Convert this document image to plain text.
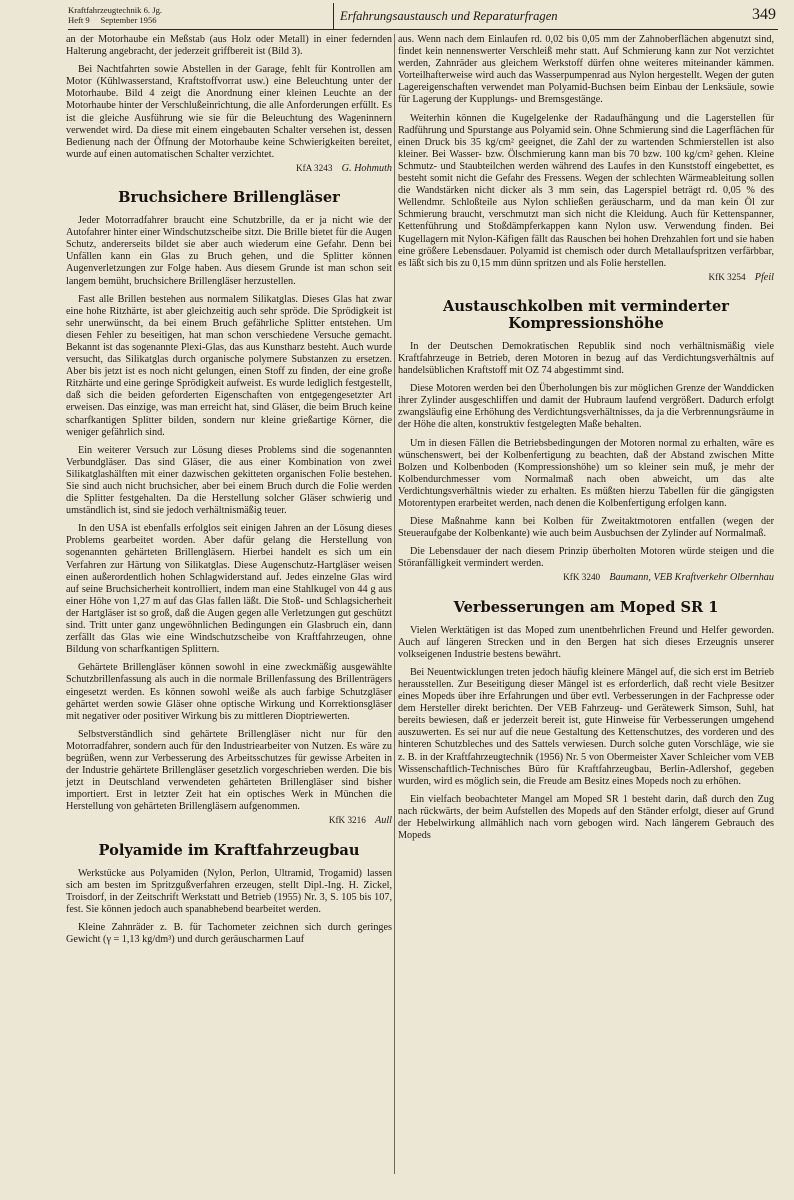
Kraftfahrzeugtechnik 6. Jg.
Heft 9     September 1956	Erfahrungsaustausch und Reparaturfragen	349

an der Motorhaube ein Meßstab (aus Holz oder Metall) in einer federnden Halterung angebracht, der jederzeit griffbereit ist (Bild 3).

Bei Nachtfahrten sowie Abstellen in der Garage, fehlt für Kontrollen am Motor (Kühlwasserstand, Kraftstoffvorrat usw.) eine Beleuchtung unter der Motorhaube. Bild 4 zeigt die Anordnung einer kleinen Leuchte an der Motorhaube hinter der Verschlußeinrichtung, die alle Anforderungen erfüllt. Es ist die gleiche Ausführung wie sie für die Beleuchtung des Wageninnern verwendet wird. Da diese mit einem eingebauten Schalter versehen ist, dessen Bedienung nach der Öffnung der Motorhaube keine Schwierigkeiten bereitet, wurde auf einen automatischen Schalter verzichtet.
KfA 3243  G. Hohmuth

Bruchsichere Brillengläser

Jeder Motorradfahrer braucht eine Schutzbrille, da er ja nicht wie der Autofahrer hinter einer Windschutzscheibe sitzt. Die Brille bietet für die Augen Schutz, andererseits bildet sie aber auch wiederum eine Gefahr. Denn bei Unfällen kann ein Glas zu Bruch gehen, und die Splitter können Augenverletzungen zur Folge haben. Aus diesem Grunde ist man schon seit langem bemüht, bruchsichere Brillengläser herzustellen.

Fast alle Brillen bestehen aus normalem Silikatglas. Dieses Glas hat zwar eine hohe Ritzhärte, ist aber gleichzeitig auch sehr spröde. Die Sprödigkeit ist sehr unerwünscht, da bei einem Bruch gefährliche Splitter entstehen. Um diesen Fehler zu beseitigen, hat man schon verschiedene Versuche gemacht. Bekannt ist das sogenannte Plexi-Glas, das aus Kunstharz besteht. Auch wurde versucht, das Silikatglas durch organische polymere Substanzen zu ersetzen. Aber bis jetzt ist es noch nicht gelungen, einen Stoff zu finden, der eine große Ritzhärte und eine geringe Sprödigkeit aufweist. Es wurde lediglich festgestellt, daß sich die beiden geforderten Eigenschaften von entgegengesetzter Art erweisen. Das einzige, was man erreicht hat, sind Gläser, die beim Bruch keine scharfkantigen Splitter bilden, sondern nur kleine grießartige Körner, die weniger gefährlich sind.

Ein weiterer Versuch zur Lösung dieses Problems sind die sogenannten Verbundgläser. Das sind Gläser, die aus einer Kombination von zwei Silikatglashälften mit einer dazwischen gekitteten organischen Folie bestehen. Sie sind auch nicht bruchsicher, aber bei einem Bruch durch die Folie werden die Splitter festgehalten. Da die Herstellung solcher Gläser schwierig und umständlich ist, sind sie jedoch verhältnismäßig teuer.

In den USA ist ebenfalls erfolglos seit einigen Jahren an der Lösung dieses Problems gearbeitet worden. Aber dafür gelang die Herstellung von sogenannten gehärteten Brillengläsern. Hierbei handelt es sich um ein Verfahren zur Härtung von Silikatglas. Diese Augenschutz-Hartgläser weisen einen außerordentlich hohen Schlagwiderstand auf. Jedes einzelne Glas wird auf seine Bruchsicherheit kontrolliert, indem man eine Stahlkugel von 44 g aus einer Höhe von 1,27 m auf das Glas fallen läßt. Die Stoß- und Schlagsicherheit der Hartgläser ist so groß, daß die Augen gegen alle Verletzungen gut geschützt sind. Tritt unter ganz ungewöhnlichen Bedingungen ein Glasbruch ein, dann zerfällt das Glas wie eine Windschutzscheibe von Kraftfahrzeugen, ohne Bildung von scharfkantigen Splittern.

Gehärtete Brillengläser können sowohl in eine zweckmäßig ausgewählte Schutzbrillenfassung als auch in die normale Brillenfassung des Brillenträgers eingesetzt werden. Es können sowohl weiße als auch farbige Schutzgläser gehärtet werden sowie Gläser ohne optische Wirkung und Korrektionsgläser mit negativer oder positiver Wirkung bis zu mittleren Dioptriewerten.

Selbstverständlich sind gehärtete Brillengläser nicht nur für den Motorradfahrer, sondern auch für den Industriearbeiter von Nutzen. Es wäre zu begrüßen, wenn zur Verbesserung des Arbeitsschutzes für gewisse Arbeiten in der Industrie gehärtete Brillengläser gesetzlich vorgeschrieben werden. Die bis jetzt in Deutschland verwendeten gehärteten Brillengläser sind bisher importiert. Erst in letzter Zeit hat ein optisches Werk in München die Herstellung von gehärteten Brillengläsern aufgenommen.
KfK 3216  Aull

Polyamide im Kraftfahrzeugbau

Werkstücke aus Polyamiden (Nylon, Perlon, Ultramid, Trogamid) lassen sich am besten im Spritzgußverfahren erzeugen, stellt Dipl.-Ing. H. Zickel, Troisdorf, in der Zeitschrift Werkstatt und Betrieb (1955) Nr. 3, S. 105 bis 107, fest. Sie können jedoch auch spanabhebend bearbeitet werden.

Kleine Zahnräder z. B. für Tachometer zeichnen sich durch geringes Gewicht (γ = 1,13 kg/dm³) und durch geräuscharmen Lauf

aus. Wenn nach dem Einlaufen rd. 0,02 bis 0,05 mm der Zahnoberflächen abgenutzt sind, findet kein nennenswerter Verschleiß mehr statt. Auf Schmierung kann zur Not verzichtet werden, Zahnräder aus gleichem Werkstoff dürfen ohne weiteres miteinander kämmen. Vorteilhafterweise wird auch das Wasserpumpenrad aus Nylon hergestellt. Wegen der guten Lagereigenschaften verwendet man Polyamid-Buchsen beim Einbau der Lenksäule, sowie für Lagerung der Kupplungs- und Bremsgestänge.

Weiterhin können die Kugelgelenke der Radaufhängung und die Lagerstellen für Radführung und Spurstange aus Polyamid sein. Ohne Schmierung sind die Lagerflächen für einen Druck bis 35 kg/cm² geeignet, die Zahl der zu wartenden Schmierstellen ist also kleiner. Bei Wasser- bzw. Ölschmierung kann man bis 70 bzw. 100 kg/cm² gehen. Kleine Schmutz- und Staubteilchen werden während des Laufes in den Kunststoff eingebettet, es besteht somit nicht die Gefahr des Fressens. Wegen der schlechten Wärmeableitung sollen die Wandstärken nicht dicker als 3 mm sein, das Lagerspiel beträgt rd. 0,05 % des Wellendmr. Schloßteile aus Nylon schließen geräuscharm, und da man kein Öl zur Schmierung braucht, verschmutzt man sich nicht die Kleidung. Auch für Kettenspanner, Kettenführung und Stoßdämpferkappen kann Nylon usw. Verwendung finden. Bei Kugellagern mit Nylon-Käfigen fällt das Rauschen bei hohen Drehzahlen fort und sie haben eine größere Lebensdauer. Polyamid ist chemisch oder durch Metallaufspritzen verfärbbar, es läßt sich bis zu 0,15 mm dünn spritzen und als Folie herstellen.
KfK 3254  Pfeil

Austauschkolben mit verminderter Kompressionshöhe

In der Deutschen Demokratischen Republik sind noch verhältnismäßig viele Kraftfahrzeuge in Betrieb, deren Motoren in bezug auf das Verdichtungsverhältnis auf handelsüblichen Kraftstoff mit OZ 74 abgestimmt sind.

Diese Motoren werden bei den Überholungen bis zur möglichen Grenze der Wanddicken ihrer Zylinder ausgeschliffen und damit der Hubraum laufend vergrößert. Dadurch erfolgt zwangsläufig eine Erhöhung des Verdichtungsverhältnisses, da ja die Verbrennungsräume in der Höhe die alten, konstruktiv festgelegten Maße behalten.

Um in diesen Fällen die Betriebsbedingungen der Motoren normal zu erhalten, wäre es wünschenswert, bei der Kolbenfertigung zu beachten, daß der Abstand zwischen Mitte Bolzen und Kolbenboden (Kompressionshöhe) um so kleiner sein muß, je mehr der Kolbendurchmesser vom Normalmaß nach oben abweicht, um das alte Verdichtungsverhältnis wieder zu erhalten. Es müßten hierzu Tabellen für die gängigsten Motorentypen erarbeitet werden, nach denen die Kolbenfertigung erfolgen kann.

Diese Maßnahme kann bei Kolben für Zweitaktmotoren entfallen (wegen der Steueraufgabe der Kolbenkante) wie auch beim Ausbuchsen der Zylinder auf Normalmaß.

Die Lebensdauer der nach diesem Prinzip überholten Motoren würde steigen und die Störanfälligkeit vermindert werden.
KfK 3240  Baumann, VEB Kraftverkehr Olbernhau

Verbesserungen am Moped SR 1

Vielen Werktätigen ist das Moped zum unentbehrlichen Freund und Helfer geworden. Auch auf längeren Strecken und in den Bergen hat sich dieses Erzeugnis unserer volkseigenen Industrie bestens bewährt.

Bei Neuentwicklungen treten jedoch häufig kleinere Mängel auf, die sich erst im Betrieb herausstellen. Zur Beseitigung dieser Mängel ist es erforderlich, daß recht viele Besitzer eines Mopeds über ihre Erfahrungen und über evtl. Verbesserungen in der Fachpresse oder dem Hersteller direkt berichten. Der VEB Fahrzeug- und Gerätewerk Simson, Suhl, hat bereits bewiesen, daß er jederzeit bereit ist, gute Hinweise für Verbesserungen umgehend auszuwerten. Es sei nur auf die neue Gestaltung des Kettenschutzes, des vorderen und des hinteren Schutzbleches und des Sattels verwiesen. Durch solche guten Vorschläge, wie sie z. B. in der Kraftfahrzeugtechnik (1956) Nr. 5 von Obermeister Xaver Schleicher vom VEB Wissenschaftlich-Technisches Büro für Kraftfahrzeugbau, Berlin-Adlershof, gegeben wurden, wird es möglich sein, die Freude am Besitz eines Mopeds noch zu erhöhen.

Ein vielfach beobachteter Mangel am Moped SR 1 besteht darin, daß durch den Zug nach rückwärts, der beim Aufstellen des Mopeds auf den Ständer erfolgt, dieser auf Grund der Hebelwirkung allmählich nach vorn gebogen wird. Nach längerem Gebrauch des Mopeds
